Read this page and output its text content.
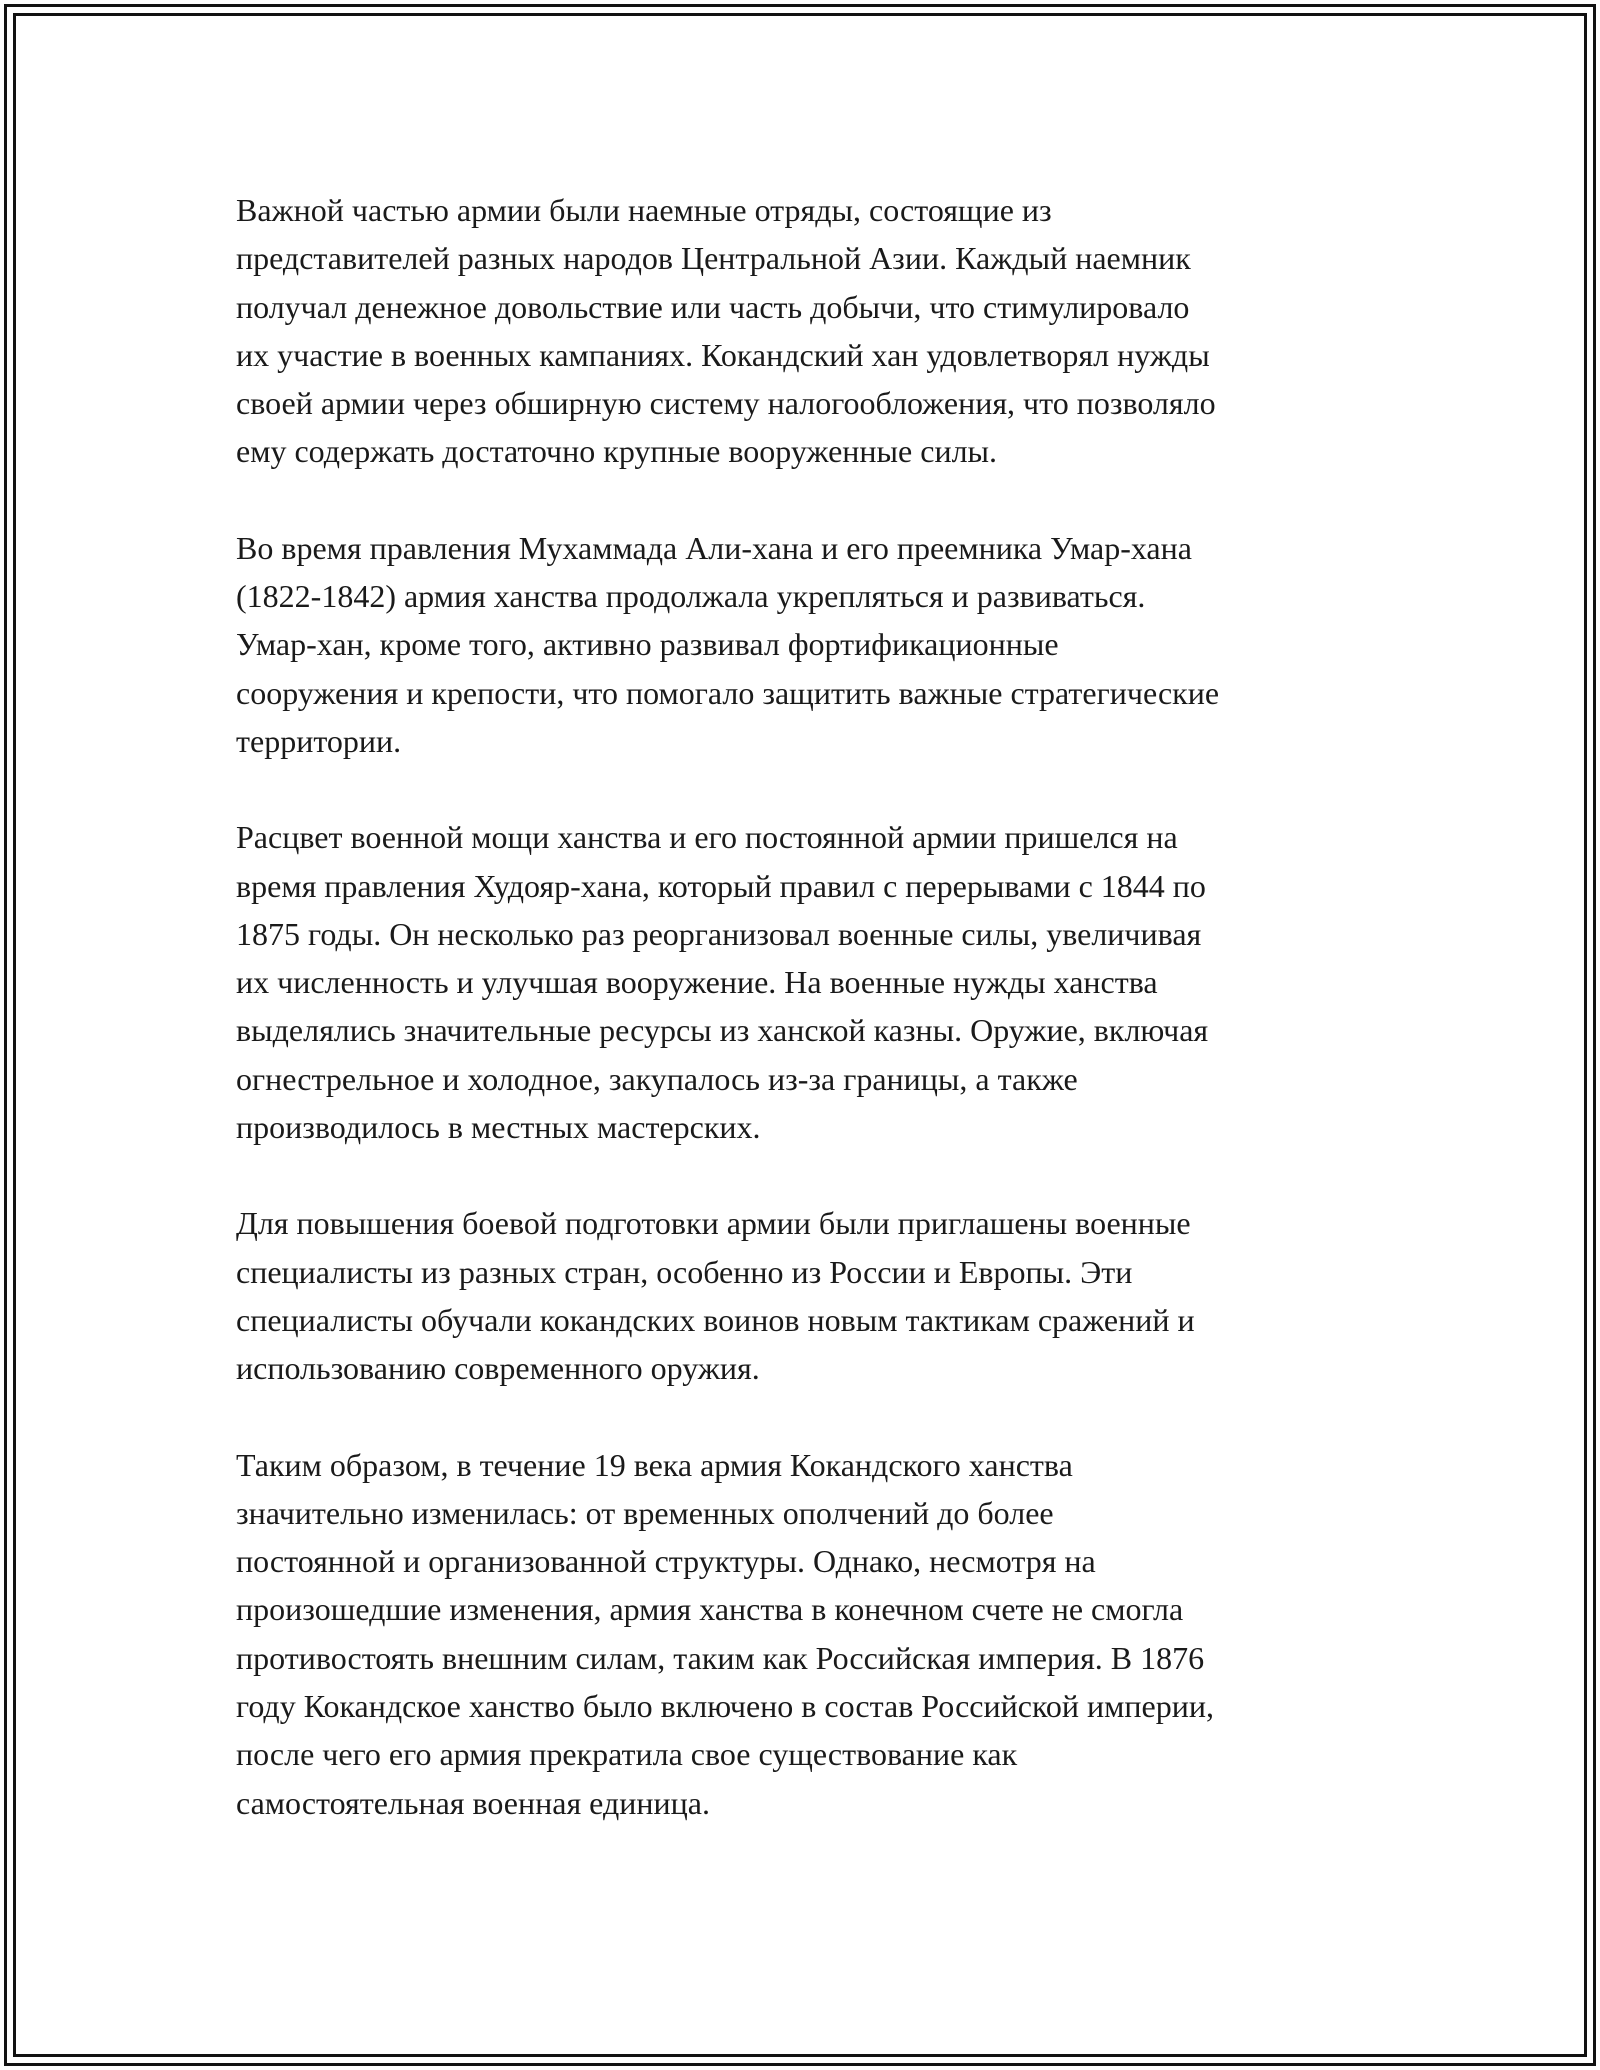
Важной частью армии были наемные отряды, состоящие из
представителей разных народов Центральной Азии. Каждый наемник
получал денежное довольствие или часть добычи, что стимулировало
их участие в военных кампаниях. Кокандский хан удовлетворял нужды
своей армии через обширную систему налогообложения, что позволяло
ему содержать достаточно крупные вооруженные силы.

Во время правления Мухаммада Али-хана и его преемника Умар-хана
(1822-1842) армия ханства продолжала укрепляться и развиваться.
Умар-хан, кроме того, активно развивал фортификационные
сооружения и крепости, что помогало защитить важные стратегические
территории.

Расцвет военной мощи ханства и его постоянной армии пришелся на
время правления Худояр-хана, который правил с перерывами с 1844 по
1875 годы. Он несколько раз реорганизовал военные силы, увеличивая
их численность и улучшая вооружение. На военные нужды ханства
выделялись значительные ресурсы из ханской казны. Оружие, включая
огнестрельное и холодное, закупалось из-за границы, а также
производилось в местных мастерских.

Для повышения боевой подготовки армии были приглашены военные
специалисты из разных стран, особенно из России и Европы. Эти
специалисты обучали кокандских воинов новым тактикам сражений и
использованию современного оружия.

Таким образом, в течение 19 века армия Кокандского ханства
значительно изменилась: от временных ополчений до более
постоянной и организованной структуры. Однако, несмотря на
произошедшие изменения, армия ханства в конечном счете не смогла
противостоять внешним силам, таким как Российская империя. В 1876
году Кокандское ханство было включено в состав Российской империи,
после чего его армия прекратила свое существование как
самостоятельная военная единица.
